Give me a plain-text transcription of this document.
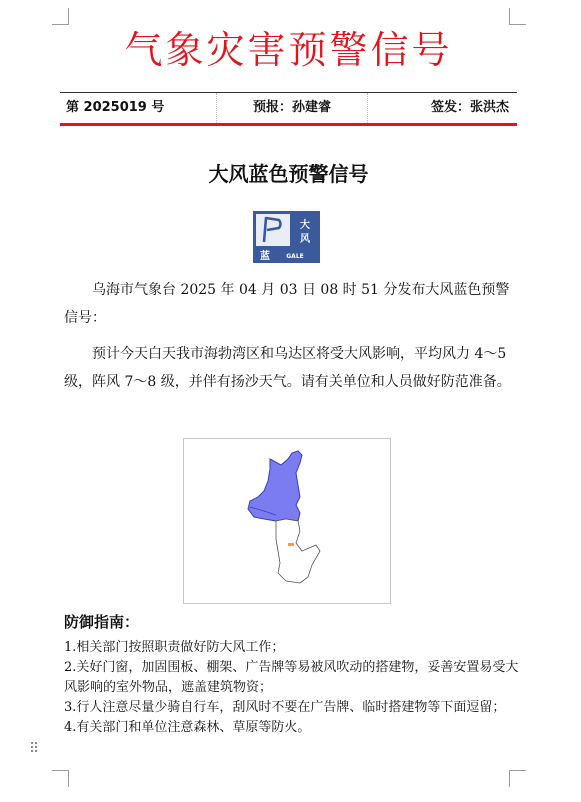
气象灾害预警信号
第 2025019 号	预报：孙建睿	签发：张洪杰
大风蓝色预警信号
大
风
蓝	GALE

乌海市气象台 2025 年 04 月 03 日 08 时 51 分发布大风蓝色预警信号：

预计今天白天我市海勃湾区和乌达区将受大风影响，平均风力 4～5 级，阵风 7～8 级，并伴有扬沙天气。请有关单位和人员做好防范准备。

防御指南：
1.相关部门按照职责做好防大风工作；
2.关好门窗，加固围板、棚架、广告牌等易被风吹动的搭建物，妥善安置易受大风影响的室外物品，遮盖建筑物资；
3.行人注意尽量少骑自行车，刮风时不要在广告牌、临时搭建物等下面逗留；
4.有关部门和单位注意森林、草原等防火。
⠿
